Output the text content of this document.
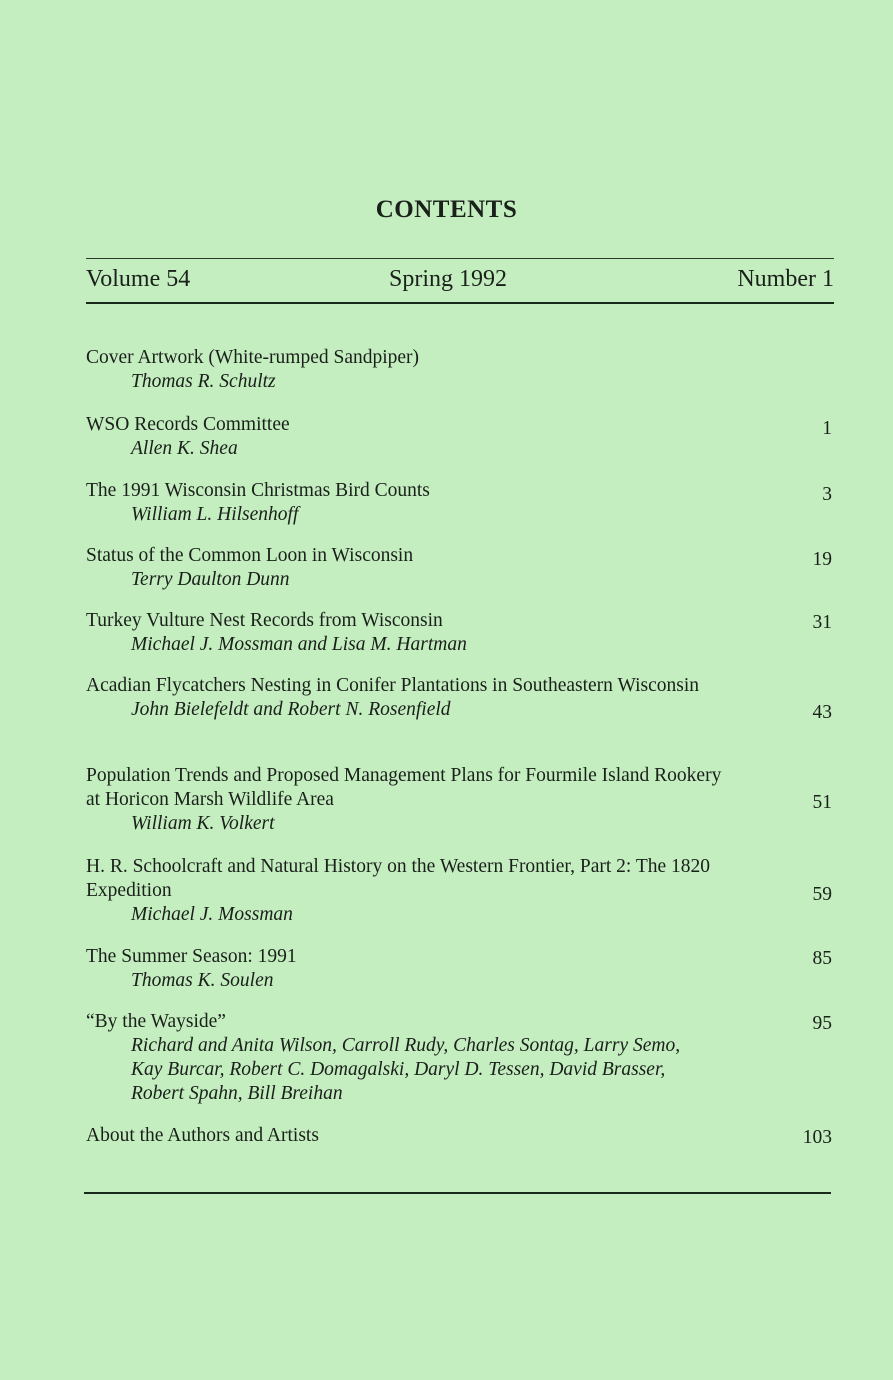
CONTENTS
Volume 54	Spring 1992	Number 1
Cover Artwork (White-rumped Sandpiper)
Thomas R. Schultz
WSO Records Committee
Allen K. Shea
1
The 1991 Wisconsin Christmas Bird Counts
William L. Hilsenhoff
3
Status of the Common Loon in Wisconsin
Terry Daulton Dunn
19
Turkey Vulture Nest Records from Wisconsin
Michael J. Mossman and Lisa M. Hartman
31
Acadian Flycatchers Nesting in Conifer Plantations in Southeastern Wisconsin
John Bielefeldt and Robert N. Rosenfield	43
Population Trends and Proposed Management Plans for Fourmile Island Rookery at Horicon Marsh Wildlife Area
William K. Volkert
51
H. R. Schoolcraft and Natural History on the Western Frontier, Part 2: The 1820 Expedition
Michael J. Mossman
59
The Summer Season: 1991
Thomas K. Soulen
85
“By the Wayside”
Richard and Anita Wilson, Carroll Rudy, Charles Sontag, Larry Semo, Kay Burcar, Robert C. Domagalski, Daryl D. Tessen, David Brasser, Robert Spahn, Bill Breihan
95
About the Authors and Artists	103
